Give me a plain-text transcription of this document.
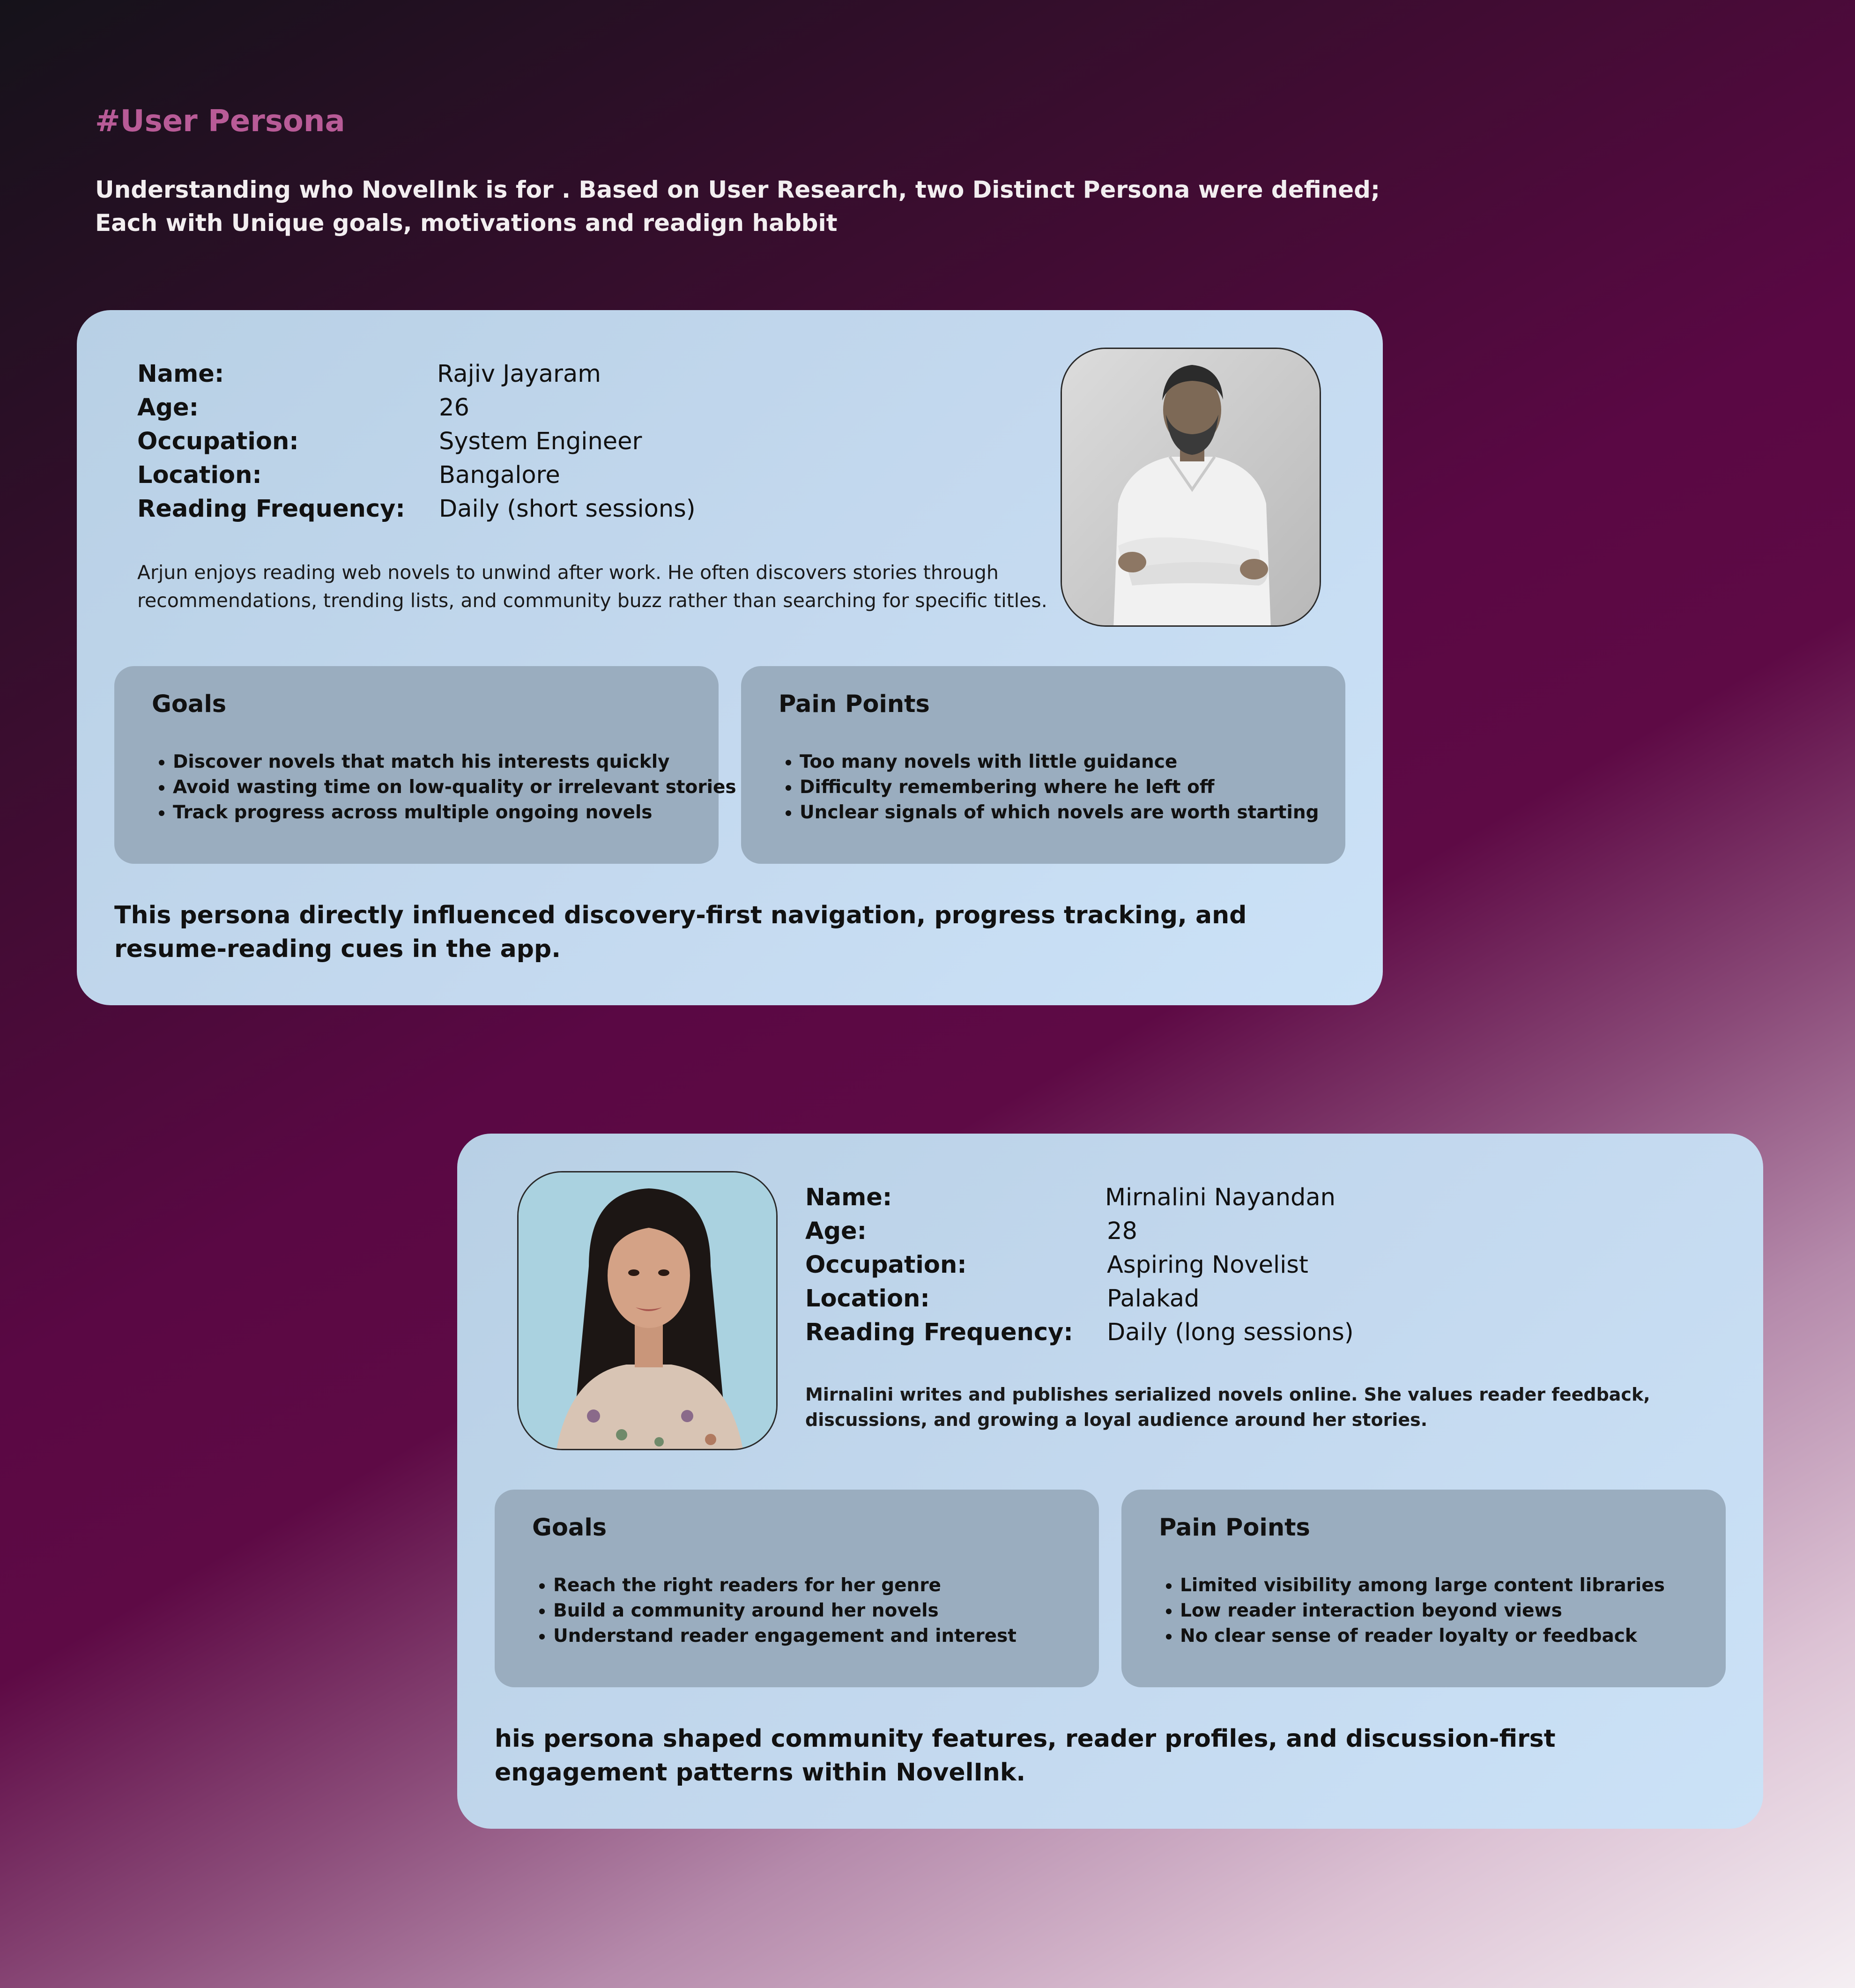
#User Persona
Understanding who NovelInk is for . Based on User Research, two Distinct Persona were defined;
Each with Unique goals, motivations and readign habbit
Name:	Rajiv Jayaram
Age:	26
Occupation:	System Engineer
Location:	Bangalore
Reading Frequency: Daily (short sessions)
Arjun enjoys reading web novels to unwind after work. He often discovers stories through recommendations, trending lists, and community buzz rather than searching for specific titles.
Goals
• Discover novels that match his interests quickly
• Avoid wasting time on low-quality or irrelevant stories
• Track progress across multiple ongoing novels
Pain Points
• Too many novels with little guidance
• Difficulty remembering where he left off
• Unclear signals of which novels are worth starting
This persona directly influenced discovery-first navigation, progress tracking, and resume-reading cues in the app.
Name:	Mirnalini Nayandan
Age:	28
Occupation:	Aspiring Novelist
Location:	Palakad
Reading Frequency: Daily (long sessions)
Mirnalini writes and publishes serialized novels online. She values reader feedback, discussions, and growing a loyal audience around her stories.
Goals
• Reach the right readers for her genre
• Build a community around her novels
• Understand reader engagement and interest
Pain Points
• Limited visibility among large content libraries
• Low reader interaction beyond views
• No clear sense of reader loyalty or feedback
his persona shaped community features, reader profiles, and discussion-first engagement patterns within NovelInk.
